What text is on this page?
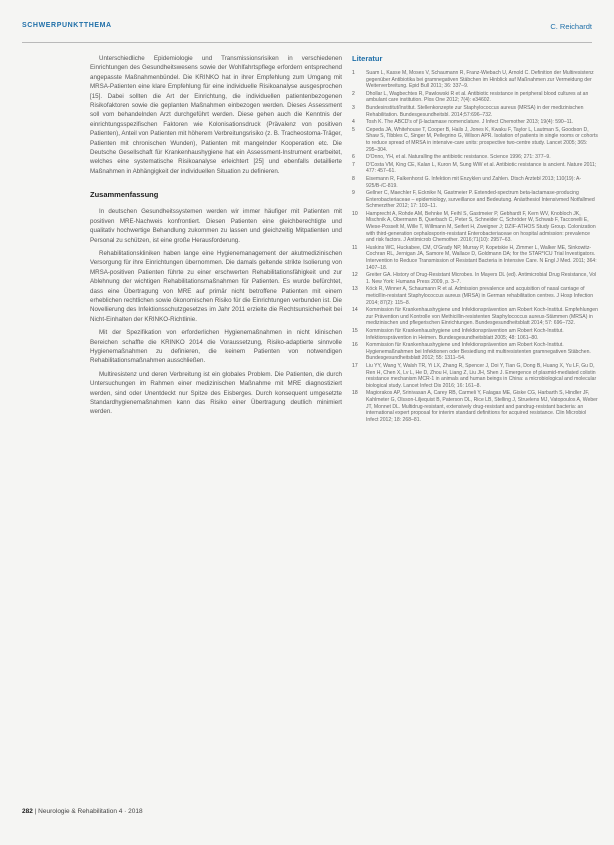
SCHWERPUNKTTHEMA	C. Reichardt

Unterschiedliche Epidemiologie und Transmissionsrisiken in verschiedenen Einrichtungen des Gesundheitswesens sowie der Wohlfahrtspflege erfordern entsprechend angepasste Maßnahmenbündel. Die KRINKO hat in ihrer Empfehlung zum Umgang mit MRSA-Patienten eine klare Empfehlung für eine individuelle Risikoanalyse ausgesprochen [15]. Dabei sollten die Art der Einrichtung, die individuellen patientenbezogenen Risikofaktoren sowie die geplanten Maßnahmen einbezogen werden. Dieses Assessment soll vom behandelnden Arzt durchgeführt werden. Diese gehen auch die Kenntnis der einrichtungsspezifischen Faktoren wie Kolonisationsdruck (Prävalenz von positiven Patienten), Anteil von Patienten mit höherem Verbreitungsrisiko (z. B. Tracheostoma-Träger, Patienten mit chronischen Wunden), Patienten mit mangelnder Kooperation etc. Die Deutsche Gesellschaft für Krankenhaushygiene hat ein Assessment-Instrument erarbeitet, welches eine systematische Risikoanalyse erleichtert [25] und ebenfalls detaillierte Maßnahmen in Abhängigkeit der individuellen Situation zu definieren.

Zusammenfassung

In deutschen Gesundheitssystemen werden wir immer häufiger mit Patienten mit positiven MRE-Nachweis konfrontiert. Diesen Patienten eine gleichberechtigte und qualitativ hochwertige Behandlung zukommen zu lassen und gleichzeitig Mitpatienten und Personal zu schützen, ist eine große Herausforderung.

Rehabilitationskliniken haben lange eine Hygienemanagement der akutmedizinischen Versorgung für ihre Einrichtungen übernommen. Die damals geltende strikte Isolierung von MRSA-positiven Patienten führte zu einer erschwerten Rehabilitationsfähigkeit und zur Ablehnung der wichtigen Rehabilitationsmaßnahmen für Patienten. Es wurde befürchtet, dass eine Übertragung von MRE auf primär nicht betroffene Patienten mit einem erheblichen rechtlichen sowie ökonomischen Risiko für die Einrichtungen verbunden ist. Die Novellierung des Infektionsschutzgesetzes im Jahr 2011 erzielte die Rechtsunsicherheit bei Nicht-Einhalten der KRINKO-Richtlinie.

Mit der Spezifikation von erforderlichen Hygienemaßnahmen in nicht klinischen Bereichen schaffte die KRINKO 2014 die Voraussetzung, Risiko-adaptierte sinnvolle Hygienemaßnahmen zu definieren, die keinem Patienten von notwendigen Rehabilitationsmaßnahmen ausschließen.

Multiresistenz und deren Verbreitung ist ein globales Problem. Die Patienten, die durch Untersuchungen im Rahmen einer medizinischen Maßnahme mit MRE diagnostiziert werden, sind oder Unentdeckt nur Spitze des Eisberges. Durch konsequent umgesetzte Standardhygienemaßnahmen kann das Risiko einer Übertragung deutlich minimiert werden.

Literatur
1	Suam L, Kasse M, Moses V, Schaumann R, Franz-Wiebach U, Arnold C. Definition der Multiresistenz gegenüber Antibiotika bei gramnegativen Stäbchen im Hinblick auf Maßnahmen zur Vermeidung der Weiterverbreitung. Epid Bull 2011; 36: 337–9.
2	Dhollar L, Wagbechtes R, Pawlowski R et al. Antibiotic resistance in peripheral blood cultures at an ambulant care institution. Plos One 2012; 7(4): e34602.
3	Bundesinstitut/Institut. Stellenkonzepte zur Staphylococcus aureus (MRSA) in der medizinischen Rehabilitation. Bundesgesundheitsbl. 2014;57:696–732.
4	Tosh K. The ABCD's of β-lactamase nomenclature. J Infect Chemother 2013; 19(4): 590–11.
5	Cepeda JA, Whitehouse T, Cooper B, Hails J, Jones K, Kwaku F, Taylor L, Lautman S, Goodson D, Shaw S, Tibbles C, Singer M, Pellegrino G, Wilson APR. Isolation of patients in single rooms or cohorts to reduce spread of MRSA in intensive-care units: prospective two-centre study. Lancet 2005; 365: 295–304.
6	D'Onno, YH, et al. Naturalling the antibiotic resistance. Science 1996; 271: 377–9.
7	D'Costa VM, King CE, Kalan L, Kuron M, Sung WW et al. Antibiotic resistance is ancient. Nature 2011; 477: 457–61.
8	Eisemann R, Falkenhorst G. Infektion mit Enzyklen und Zahlen. Dtsch Arztebl 2013; 110(19): A-925/B-/C-819.
9	Gellner C, Maechler F, Ecknike N, Gastmeier P. Extended-spectrum beta-lactamase-producing Enterobacteriaceae – epidemiology, surveillance and Bedeutung. Anästhesiol Intensivmed Notfallmed Schmerzther 2012; 17: 103–11.
10	Hamprecht A, Rohde AM, Behnke M, Feihl S, Gastmeier P, Gebhardt F, Kern WV, Knobloch JK, Mischnik A, Obermann B, Querbach C, Peter S, Schneider C, Schröder W, Schwab F, Tacconelli E, Wiese-Posselt M, Wille T, Willmann M, Seifert H, Zweigner J; DZIF-ATHOS Study Group. Colonization with third-generation cephalosporin-resistant Enterobacteriaceae on hospital admission: prevalence and risk factors. J Antimicrob Chemother. 2016;71(10): 2957–63.
11	Huskins WC, Huckabee, CM, O'Grady NP, Murray P, Kopetskie H, Zimmer L, Walker ME, Sinkowitz-Cochran RL, Jernigan JA, Samore M, Wallace D, Goldmann DA; for the STAR*ICU Trial Investigators. Intervention to Reduce Transmission of Resistant Bacteria in Intensive Care. N Engl J Med. 2011; 364: 1407–18.
12	Greiter GA. History of Drug-Resistant Microbes. In Mayers DL (ed). Antimicrobial Drug Resistance, Vol 1. New York: Humana Press 2009, p. 3–7.
13	Köck R, Winner A, Schaumann R et al. Admission prevalence and acquisition of nasal carriage of meticillin-resistant Staphylococcus aureus (MRSA) in German rehabilitation centres. J Hosp Infection 2014; 87(2): 115–8.
14	Kommission für Krankenhaushygiene und Infektionsprävention am Robert Koch-Institut. Empfehlungen zur Prävention und Kontrolle von Methicillin-resistenten Staphylococcus aureus-Stämmen (MRSA) in medizinischen und pflegerischen Einrichtungen. Bundesgesundheitsblatt 2014; 57: 696–732.
15	Kommission für Krankenhaushygiene und Infektionsprävention am Robert Koch-Institut. Infektionsprävention in Heimen. Bundesgesundheitsblatt 2005; 48: 1061–80.
16	Kommission für Krankenhaushygiene und Infektionsprävention am Robert Koch-Institut. Hygienemaßnahmen bei Infektionen oder Besiedlung mit multiresistenten gramnegativen Stäbchen. Bundesgesundheitsblatt 2012; 55: 1311–54.
17	Liu YY, Wang Y, Walsh TR, Yi LX, Zhang R, Spencer J, Doi Y, Tian G, Dong B, Huang X, Yu LF, Gu D, Ren H, Chen X, Lv L, He D, Zhou H, Liang Z, Liu JH, Shen J. Emergence of plasmid-mediated colistin resistance mechanism MCR-1 in animals and human beings in China: a microbiological and molecular biological study. Lancet Infect Dis 2016; 16: 161–8.
18	Magiorakos AP, Srinivasan A, Carey RB, Carmeli Y, Falagas ME, Giske CG, Harbarth S, Hindler JF, Kahlmeter G, Olsson-Liljequist B, Paterson DL, Rice LB, Stelling J, Struelens MJ, Vatopoulos A, Weber JT, Monnet DL. Multidrug-resistant, extensively drug-resistant and pandrug-resistant bacteria: an international expert proposal for interim standard definitions for acquired resistance. Clin Microbiol Infect 2012; 18: 268–81.
282 | Neurologie & Rehabilitation 4 · 2018
